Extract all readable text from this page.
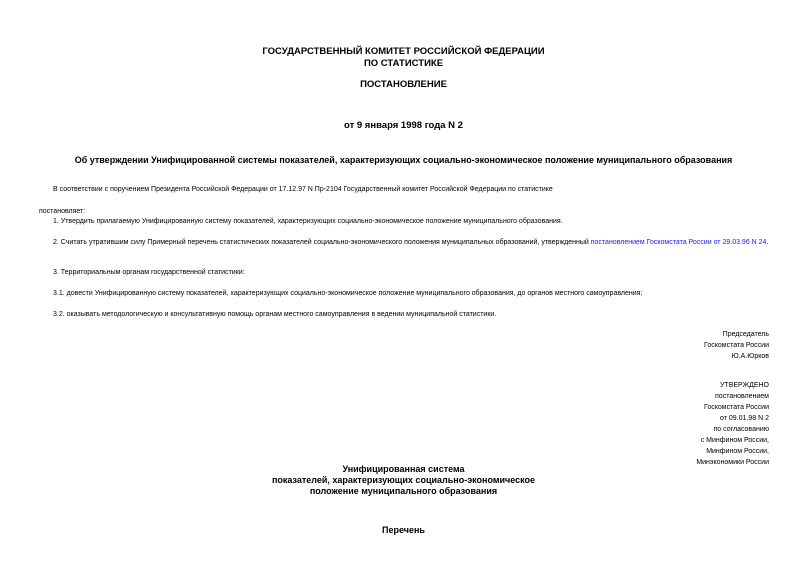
ГОСУДАРСТВЕННЫЙ КОМИТЕТ РОССИЙСКОЙ ФЕДЕРАЦИИ
ПО СТАТИСТИКЕ
ПОСТАНОВЛЕНИЕ
от 9 января 1998 года N 2
Об утверждении Унифицированной системы показателей, характеризующих социально-экономическое положение муниципального образования
В соответствии с поручением Президента Российской Федерации от 17.12.97 N Пр-2104 Государственный комитет Российской Федерации по статистике
постановляет:
1. Утвердить прилагаемую Унифицированную систему показателей, характеризующих социально-экономическое положение муниципального образования.
2. Считать утратившим силу Примерный перечень статистических показателей социально-экономического положения муниципальных образований, утвержденный постановлением Госкомстата России от 29.03.96 N 24.
3. Территориальным органам государственной статистики:
3.1. довести Унифицированную систему показателей, характеризующих социально-экономическое положение муниципального образования, до органов местного самоуправления;
3.2. оказывать методологическую и консультативную помощь органам местного самоуправления в ведении муниципальной статистики.
Председатель
Госкомстата России
Ю.А.Юрков
УТВЕРЖДЕНО
постановлением
Госкомстата России
от 09.01.98 N 2
по согласованию
с Минфином России,
Минфином России,
Минэкономики России
Унифицированная система
показателей, характеризующих социально-экономическое
положение муниципального образования
Перечень
